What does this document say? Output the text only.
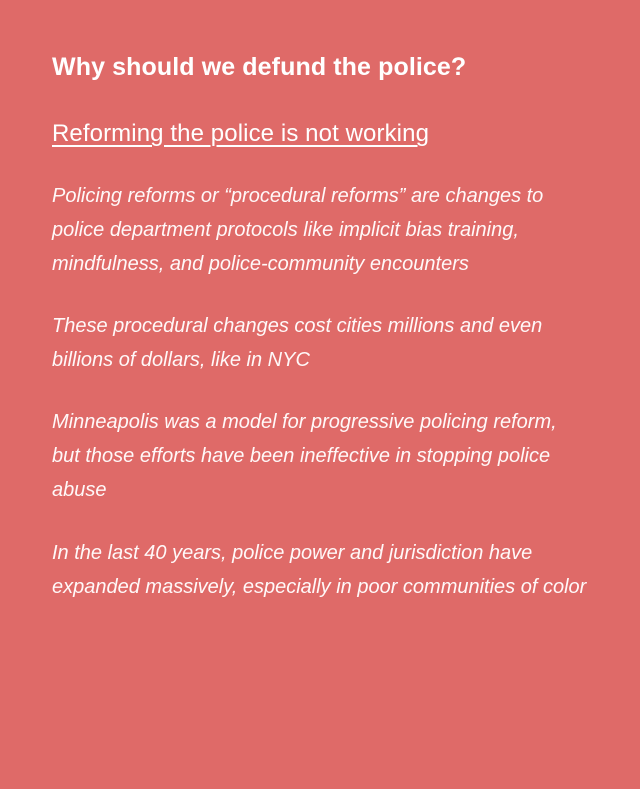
Why should we defund the police?
Reforming the police is not working

Policing reforms or “procedural reforms” are changes to police department protocols like implicit bias training, mindfulness, and police-community encounters

These procedural changes cost cities millions and even billions of dollars, like in NYC

Minneapolis was a model for progressive policing reform, but those efforts have been ineffective in stopping police abuse

In the last 40 years, police power and jurisdiction have expanded massively, especially in poor communities of color
